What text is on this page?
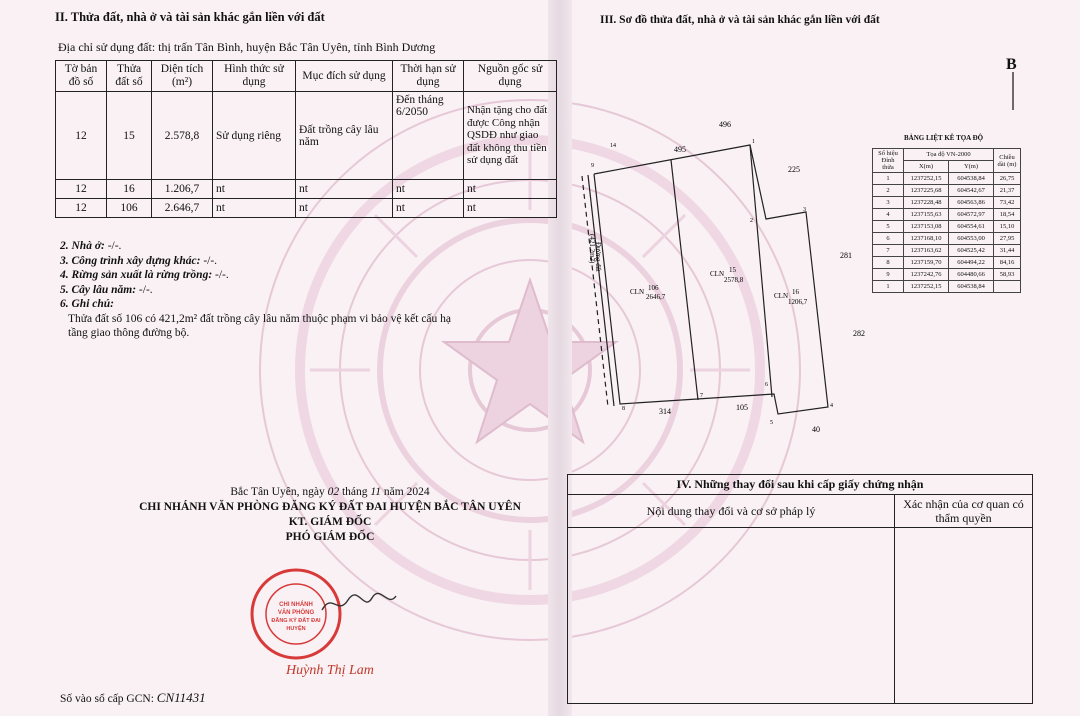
II. Thửa đất, nhà ở và tài sản khác gắn liền với đất
Địa chỉ sử dụng đất: thị trấn Tân Bình, huyện Bắc Tân Uyên, tỉnh Bình Dương
Tờ bản đồ số	Thửa đất số	Diện tích (m²)	Hình thức sử dụng	Mục đích sử dụng	Thời hạn sử dụng	Nguồn gốc sử dụng
12	15	2.578,8	Sử dụng riêng	Đất trồng cây lâu năm	Đến tháng 6/2050	Nhận tặng cho đất được Công nhận QSDĐ như giao đất không thu tiền sử dụng đất
12	16	1.206,7	nt	nt	nt	nt
12	106	2.646,7	nt	nt	nt	nt
2. Nhà ở: -/-.
3. Công trình xây dựng khác: -/-.
4. Rừng sản xuất là rừng trồng: -/-.
5. Cây lâu năm: -/-.
6. Ghi chú:
Thửa đất số 106 có 421,2m² đất trồng cây lâu năm thuộc phạm vi bảo vệ kết cấu hạ
tầng giao thông đường bộ.
Bắc Tân Uyên, ngày 02 tháng 11 năm 2024
CHI NHÁNH VĂN PHÒNG ĐĂNG KÝ ĐẤT ĐAI HUYỆN BẮC TÂN UYÊN
KT. GIÁM ĐỐC
PHÓ GIÁM ĐỐC
CHI NHÁNH
VĂN PHÒNG
ĐĂNG KÝ ĐẤT ĐAI
HUYỆN
Huỳnh Thị Lam
Số vào sổ cấp GCN: CN11431
III. Sơ đồ thửa đất, nhà ở và tài sản khác gắn liền với đất
B
495
496
14
225
281
282
314	105
40
2
3
4
5
6
7
8
9
1
Đường đất
(421,2m2)
CLN 106
2646,7
CLN 15
2578,8
CLN 16
1206,7
BẢNG LIỆT KÊ TỌA ĐỘ
Số hiệu Đỉnh thửa	Tọa độ VN-2000		Chiều dài (m)
	X(m)	Y(m)	
1	1237252,15	604538,84	26,75
2	1237225,68	604542,67	21,37
3	1237228,48	604563,86	73,42
4	1237155,63	604572,97	18,54
5	1237153,08	604554,61	15,10
6	1237168,10	604553,00	27,95
7	1237163,62	604525,42	31,44
8	1237159,70	604494,22	84,16
9	1237242,76	604480,66	58,93
1	1237252,15	604538,84	
IV. Những thay đổi sau khi cấp giấy chứng nhận
Nội dung thay đổi và cơ sở pháp lý	Xác nhận của cơ quan có thẩm quyền
